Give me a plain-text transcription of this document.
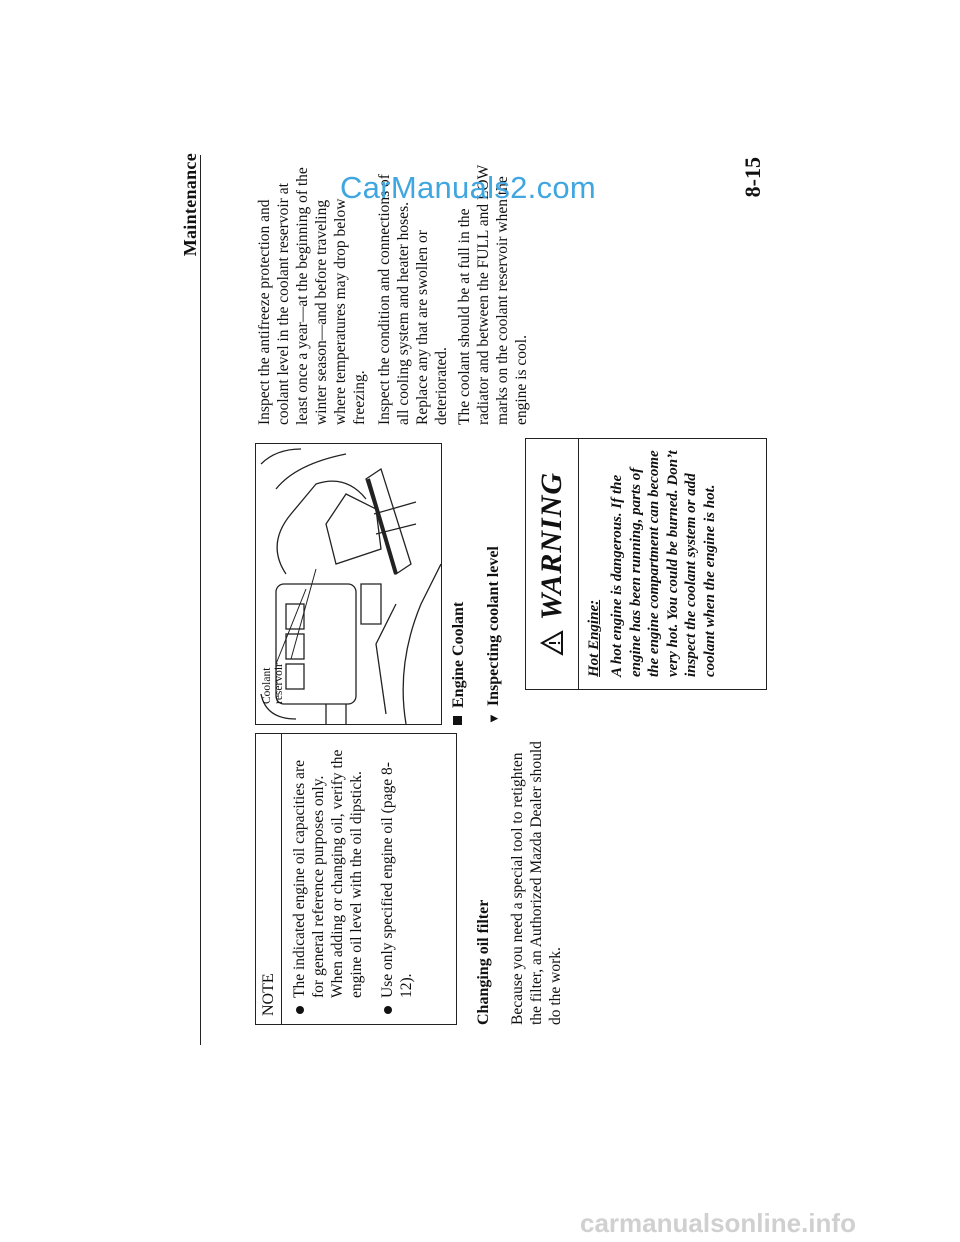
Maintenance	8-15
NOTE The indicated engine oil capacities are for general reference purposes only. When adding or changing oil, verify the engine oil level with the oil dipstick. Use only specified engine oil (page 8-12).	Changing oil filter Because you need a special tool to retighten the filter, an Authorized Mazda Dealer should do the work.
Coolant reservoir	Engine Coolant
▼Inspecting coolant level
WARNING
Hot Engine: A hot engine is dangerous. If the engine has been running, parts of the engine compartment can become very hot. You could be burned. Don’t inspect the coolant system or add coolant when the engine is hot.
Inspect the antifreeze protection and coolant level in the coolant reservoir at least once a year—at the beginning of the winter season—and before traveling where temperatures may drop below freezing. Inspect the condition and connections of all cooling system and heater hoses. Replace any that are swollen or deteriorated. The coolant should be at full in the radiator and between the FULL and LOW marks on the coolant reservoir when the engine is cool.
CarManuals2.com
carmanualsonline.info
